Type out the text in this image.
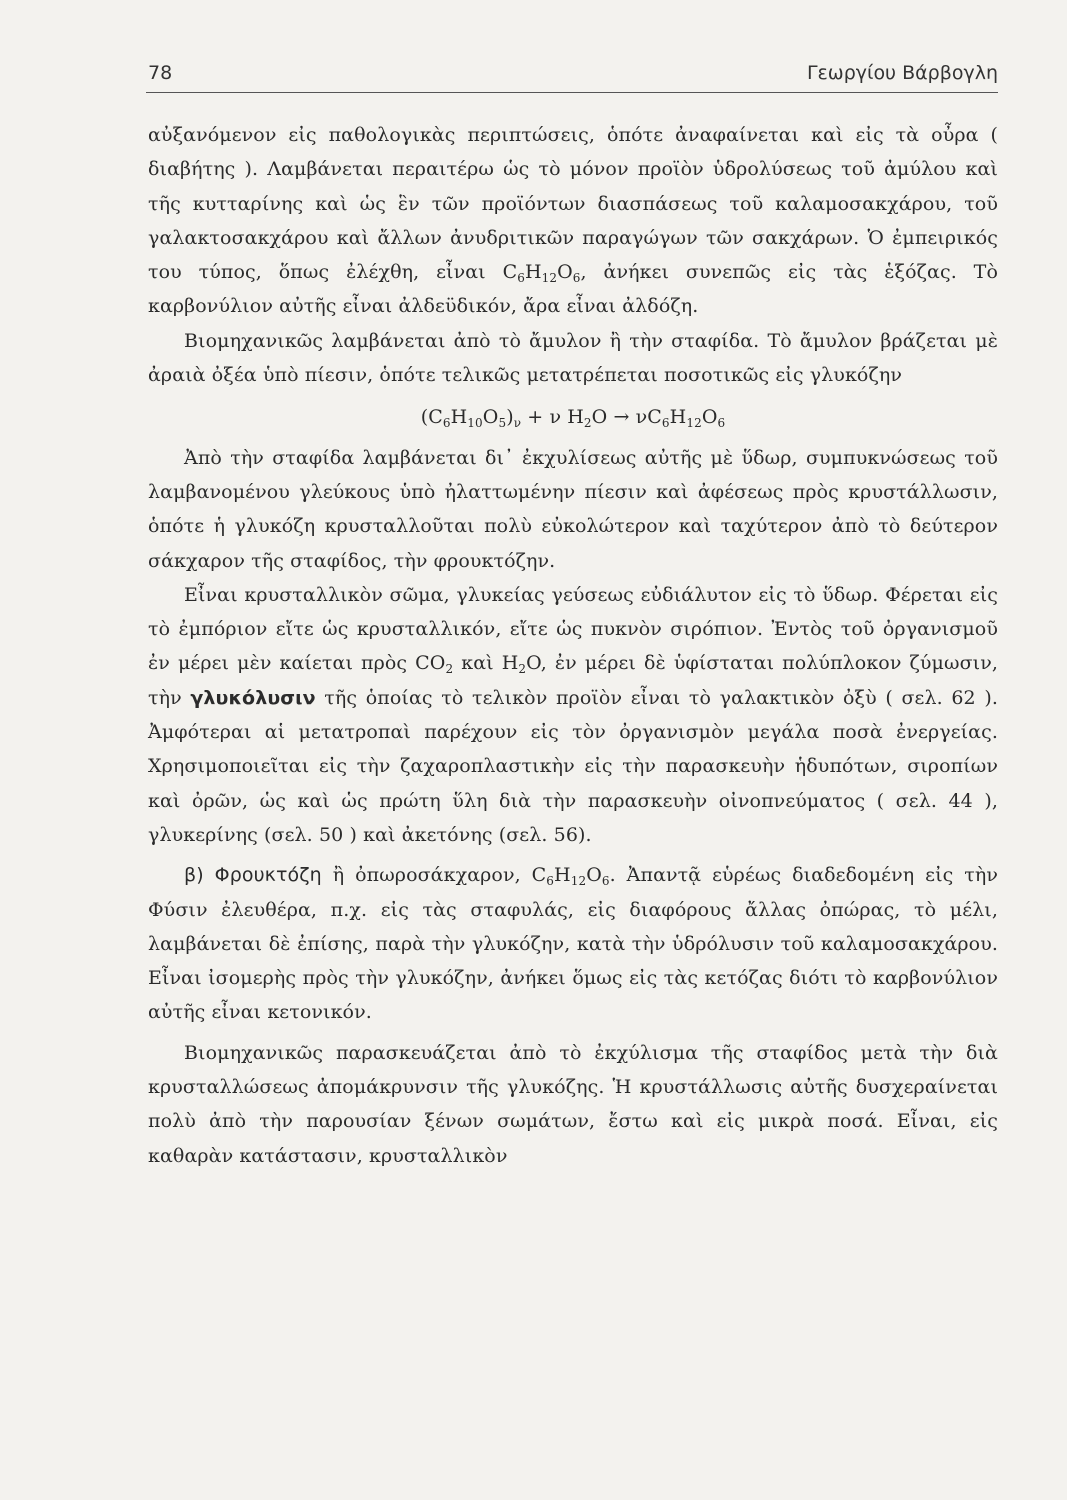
78	Γεωργίου Βάρβογλη

αὐξανόμενον εἰς παθολογικὰς περιπτώσεις, ὁπότε ἀναφαίνεται καὶ εἰς τὰ οὖρα ( διαβήτης ). Λαμβάνεται περαιτέρω ὡς τὸ μόνον προϊὸν ὑδρολύσεως τοῦ ἀμύλου καὶ τῆς κυτταρίνης καὶ ὡς ἓν τῶν προϊόντων διασπάσεως τοῦ καλαμοσακχάρου, τοῦ γαλακτοσακχάρου καὶ ἄλλων ἀνυδριτικῶν παραγώγων τῶν σακχάρων. Ὁ ἐμπειρικός του τύπος, ὅπως ἐλέχθη, εἶναι $C_6H_{12}O_6$, ἀνήκει συνεπῶς εἰς τὰς ἑξόζας. Τὸ καρβονύλιον αὐτῆς εἶναι ἀλδεϋδικόν, ἄρα εἶναι ἀλδόζη.

Βιομηχανικῶς λαμβάνεται ἀπὸ τὸ ἄμυλον ἢ τὴν σταφίδα. Τὸ ἄμυλον βράζεται μὲ ἀραιὰ ὀξέα ὑπὸ πίεσιν, ὁπότε τελικῶς μετατρέπεται ποσοτικῶς εἰς γλυκόζην

$(C_6H_{10}O_5)_\nu + \nu$ $H_2O \to \nu C_6H_{12}O_6$

Ἀπὸ τὴν σταφίδα λαμβάνεται δι᾽ ἐκχυλίσεως αὐτῆς μὲ ὕδωρ, συμπυκνώσεως τοῦ λαμβανομένου γλεύκους ὑπὸ ἠλαττωμένην πίεσιν καὶ ἀφέσεως πρὸς κρυστάλλωσιν, ὁπότε ἡ γλυκόζη κρυσταλλοῦται πολὺ εὐκολώτερον καὶ ταχύτερον ἀπὸ τὸ δεύτερον σάκχαρον τῆς σταφίδος, τὴν φρουκτόζην.

Εἶναι κρυσταλλικὸν σῶμα, γλυκείας γεύσεως εὐδιάλυτον εἰς τὸ ὕδωρ. Φέρεται εἰς τὸ ἐμπόριον εἴτε ὡς κρυσταλλικόν, εἴτε ὡς πυκνὸν σιρόπιον. Ἐντὸς τοῦ ὀργανισμοῦ ἐν μέρει μὲν καίεται πρὸς $CO_2$ καὶ $H_2O$, ἐν μέρει δὲ ὑφίσταται πολύπλοκον ζύμωσιν, τὴν γλυκόλυσιν τῆς ὁποίας τὸ τελικὸν προϊὸν εἶναι τὸ γαλακτικὸν ὀξὺ ( σελ. 62 ). Ἀμφότεραι αἱ μετατροπαὶ παρέχουν εἰς τὸν ὀργανισμὸν μεγάλα ποσὰ ἐνεργείας. Χρησιμοποιεῖται εἰς τὴν ζαχαροπλαστικὴν εἰς τὴν παρασκευὴν ἡδυπότων, σιροπίων καὶ ὀρῶν, ὡς καὶ ὡς πρώτη ὕλη διὰ τὴν παρασκευὴν οἰνοπνεύματος ( σελ. 44 ), γλυκερίνης (σελ. 50 ) καὶ ἀκετόνης (σελ. 56).

β) Φρουκτόζη ἢ ὀπωροσάκχαρον, $C_6H_{12}O_6$. Ἀπαντᾷ εὑρέως διαδεδομένη εἰς τὴν Φύσιν ἐλευθέρα, π.χ. εἰς τὰς σταφυλάς, εἰς διαφόρους ἄλλας ὀπώρας, τὸ μέλι, λαμβάνεται δὲ ἐπίσης, παρὰ τὴν γλυκόζην, κατὰ τὴν ὑδρόλυσιν τοῦ καλαμοσακχάρου. Εἶναι ἰσομερὴς πρὸς τὴν γλυκόζην, ἀνήκει ὅμως εἰς τὰς κετόζας διότι τὸ καρβονύλιον αὐτῆς εἶναι κετονικόν.

Βιομηχανικῶς παρασκευάζεται ἀπὸ τὸ ἐκχύλισμα τῆς σταφίδος μετὰ τὴν διὰ κρυσταλλώσεως ἀπομάκρυνσιν τῆς γλυκόζης. Ἡ κρυστάλλωσις αὐτῆς δυσχεραίνεται πολὺ ἀπὸ τὴν παρουσίαν ξένων σωμάτων, ἔστω καὶ εἰς μικρὰ ποσά. Εἶναι, εἰς καθαρὰν κατάστασιν, κρυσταλλικὸν
